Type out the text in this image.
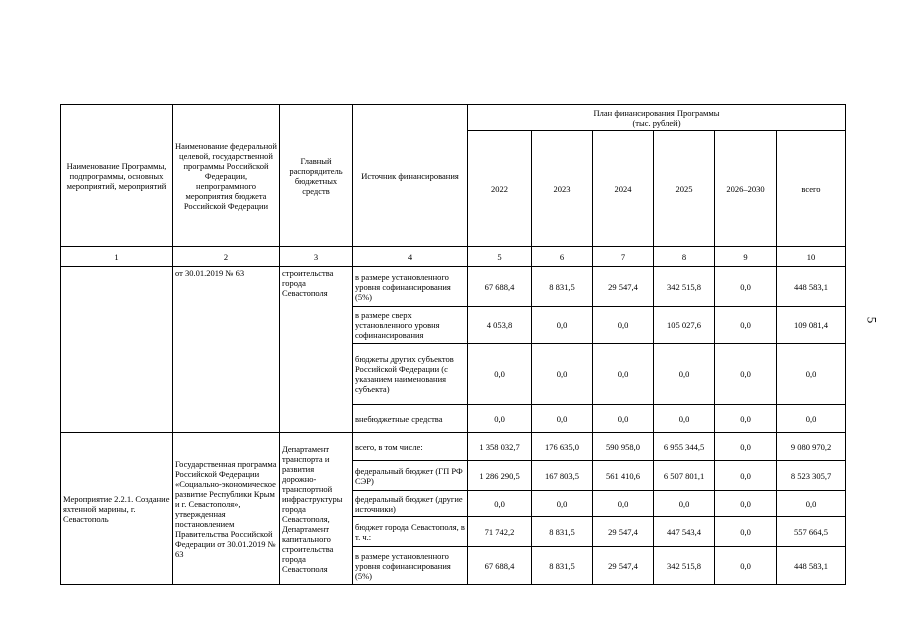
Наименование Программы, подпрограммы, основных мероприятий, мероприятий	Наименование федеральной целевой, государственной программы Российской Федерации, непрограммного мероприятия бюджета Российской Федерации	Главный распорядитель бюджетных средств	Источник финансирования	План финансирования Программы
(тыс. рублей)					
				2022	2023	2024	2025	2026–2030	всего
1	2	3	4	5	6	7	8	9	10
	от 30.01.2019 № 63	строительства города Севастополя	в размере установленного уровня софинансирования (5%)	67 688,4	8 831,5	29 547,4	342 515,8	0,0	448 583,1
			в размере сверх установленного уровня софинансирования	4 053,8	0,0	0,0	105 027,6	0,0	109 081,4
			бюджеты других субъектов Российской Федерации (с указанием наименования субъекта)	0,0	0,0	0,0	0,0	0,0	0,0
			внебюджетные средства	0,0	0,0	0,0	0,0	0,0	0,0
Мероприятие 2.2.1. Создание яхтенной марины, г. Севастополь	Государственная программа Российской Федерации «Социально-экономическое развитие Республики Крым и г. Севастополя», утвержденная постановлением Правительства Российской Федерации от 30.01.2019 № 63	Департамент транспорта и развития дорожно-транспортной инфраструктуры города Севастополя, Департамент капитального строительства города Севастополя	всего, в том числе:	1 358 032,7	176 635,0	590 958,0	6 955 344,5	0,0	9 080 970,2
			федеральный бюджет (ГП РФ СЭР)	1 286 290,5	167 803,5	561 410,6	6 507 801,1	0,0	8 523 305,7
			федеральный бюджет (другие источники)	0,0	0,0	0,0	0,0	0,0	0,0
			бюджет города Севастополя, в т. ч.:	71 742,2	8 831,5	29 547,4	447 543,4	0,0	557 664,5
			в размере установленного уровня софинансирования (5%)	67 688,4	8 831,5	29 547,4	342 515,8	0,0	448 583,1
5
